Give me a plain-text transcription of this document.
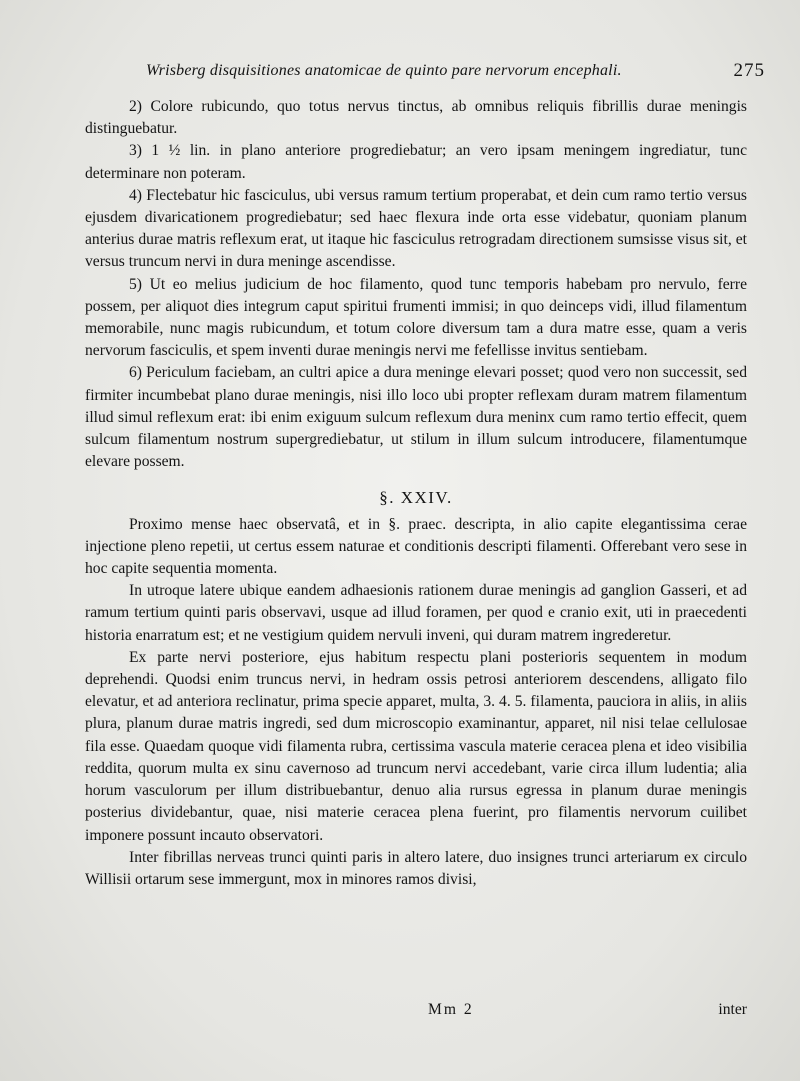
Wrisberg disquisitiones anatomicae de quinto pare nervorum encephali.	275

2) Colore rubicundo, quo totus nervus tinctus, ab omnibus reliquis fibrillis durae meningis distinguebatur.

3) 1 ½ lin. in plano anteriore progrediebatur; an vero ipsam meningem ingrediatur, tunc determinare non poteram.

4) Flectebatur hic fasciculus, ubi versus ramum tertium properabat, et dein cum ramo tertio versus ejusdem divaricationem progrediebatur; sed haec flexura inde orta esse videbatur, quoniam planum anterius durae matris reflexum erat, ut itaque hic fasciculus retrogradam directionem sumsisse visus sit, et versus truncum nervi in dura meninge ascendisse.

5) Ut eo melius judicium de hoc filamento, quod tunc temporis habebam pro nervulo, ferre possem, per aliquot dies integrum caput spiritui frumenti immisi; in quo deinceps vidi, illud filamentum memorabile, nunc magis rubicundum, et totum colore diversum tam a dura matre esse, quam a veris nervorum fasciculis, et spem inventi durae meningis nervi me fefellisse invitus sentiebam.

6) Periculum faciebam, an cultri apice a dura meninge elevari posset; quod vero non successit, sed firmiter incumbebat plano durae meningis, nisi illo loco ubi propter reflexam duram matrem filamentum illud simul reflexum erat: ibi enim exiguum sulcum reflexum dura meninx cum ramo tertio effecit, quem sulcum filamentum nostrum supergrediebatur, ut stilum in illum sulcum introducere, filamentumque elevare possem.

§. XXIV.

Proximo mense haec observatâ, et in §. praec. descripta, in alio capite elegantissima cerae injectione pleno repetii, ut certus essem naturae et conditionis descripti filamenti. Offerebant vero sese in hoc capite sequentia momenta.

In utroque latere ubique eandem adhaesionis rationem durae meningis ad ganglion Gasseri, et ad ramum tertium quinti paris observavi, usque ad illud foramen, per quod e cranio exit, uti in praecedenti historia enarratum est; et ne vestigium quidem nervuli inveni, qui duram matrem ingrederetur.

Ex parte nervi posteriore, ejus habitum respectu plani posterioris sequentem in modum deprehendi. Quodsi enim truncus nervi, in hedram ossis petrosi anteriorem descendens, alligato filo elevatur, et ad anteriora reclinatur, prima specie apparet, multa, 3. 4. 5. filamenta, pauciora in aliis, in aliis plura, planum durae matris ingredi, sed dum microscopio examinantur, apparet, nil nisi telae cellulosae fila esse. Quaedam quoque vidi filamenta rubra, certissima vascula materie ceracea plena et ideo visibilia reddita, quorum multa ex sinu cavernoso ad truncum nervi accedebant, varie circa illum ludentia; alia horum vasculorum per illum distribuebantur, denuo alia rursus egressa in planum durae meningis posterius dividebantur, quae, nisi materie ceracea plena fuerint, pro filamentis nervorum cuilibet imponere possunt incauto observatori.

Inter fibrillas nerveas trunci quinti paris in altero latere, duo insignes trunci arteriarum ex circulo Willisii ortarum sese immergunt, mox in minores ramos divisi,

Mm 2	inter
